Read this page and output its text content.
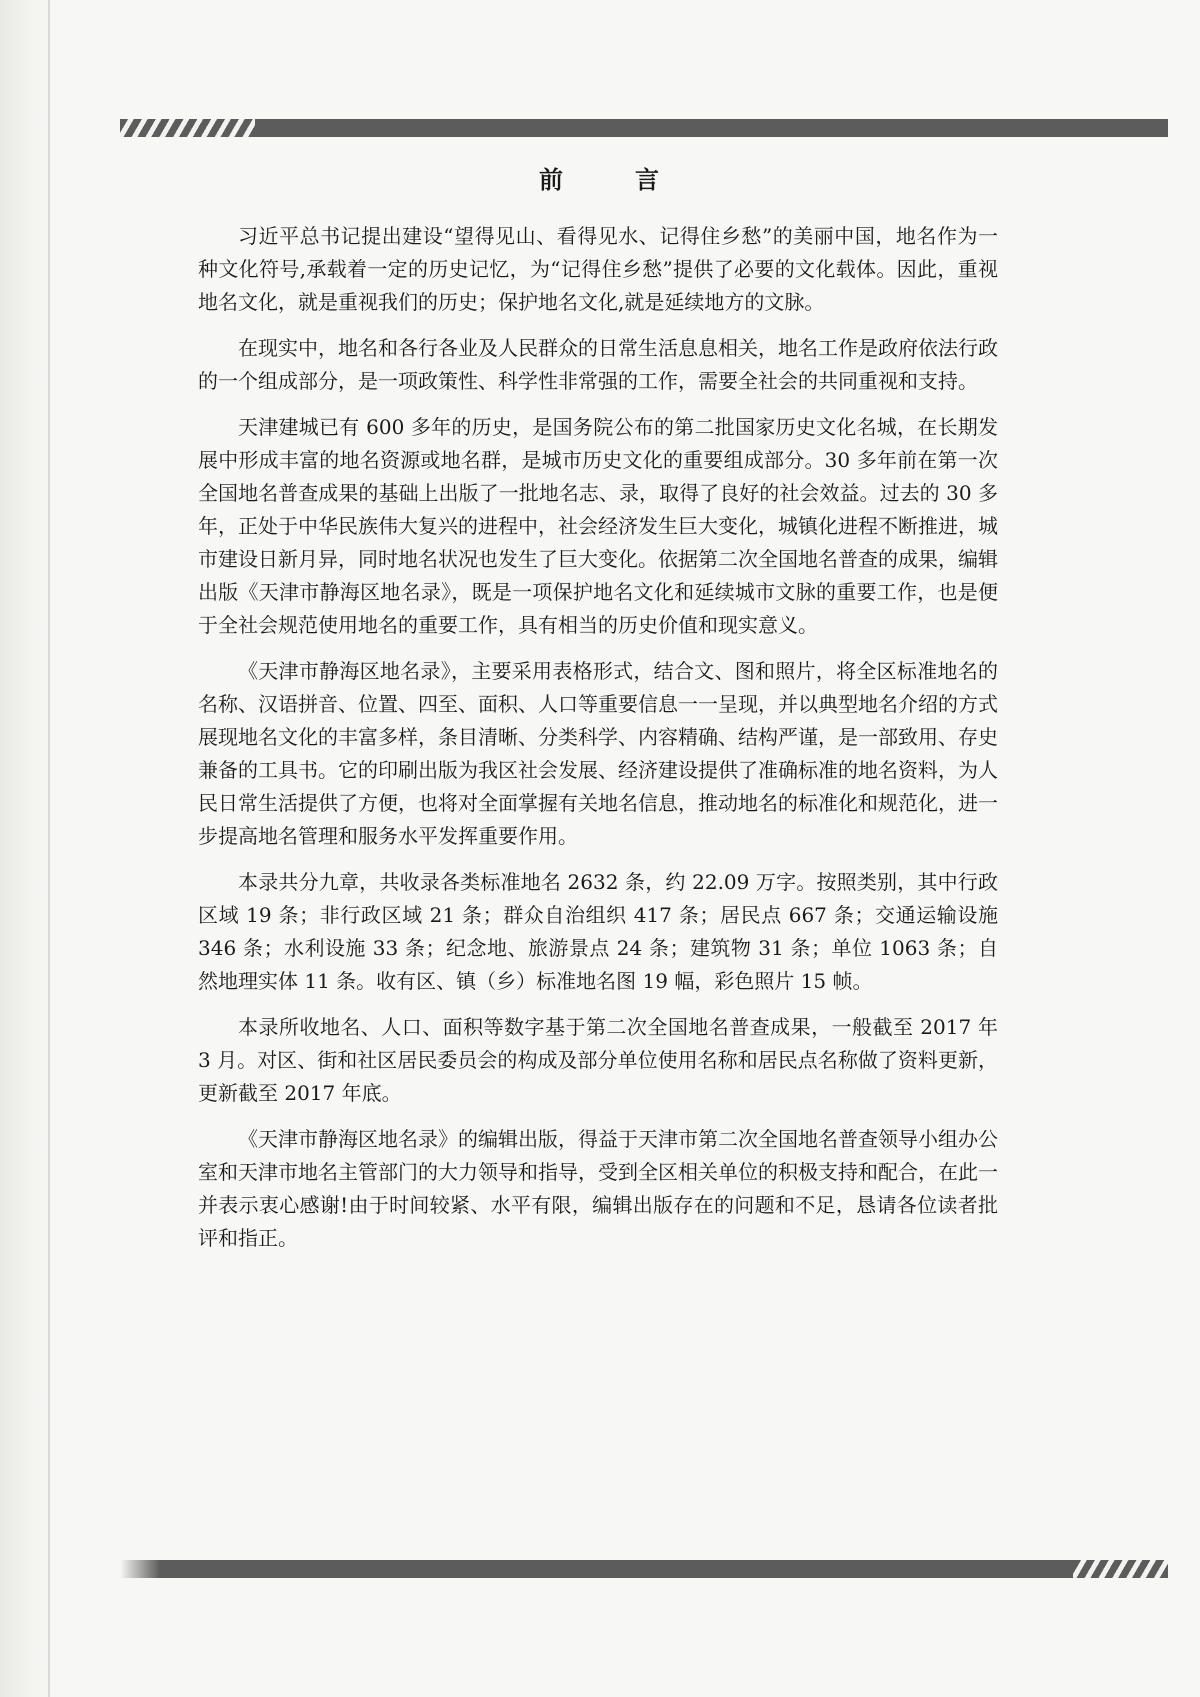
前　言

习近平总书记提出建设“望得见山、看得见水、记得住乡愁”的美丽中国，地名作为一种文化符号,承载着一定的历史记忆，为“记得住乡愁”提供了必要的文化载体。因此，重视地名文化，就是重视我们的历史；保护地名文化,就是延续地方的文脉。

在现实中，地名和各行各业及人民群众的日常生活息息相关，地名工作是政府依法行政的一个组成部分，是一项政策性、科学性非常强的工作，需要全社会的共同重视和支持。

天津建城已有 600 多年的历史，是国务院公布的第二批国家历史文化名城，在长期发展中形成丰富的地名资源或地名群，是城市历史文化的重要组成部分。30 多年前在第一次全国地名普查成果的基础上出版了一批地名志、录，取得了良好的社会效益。过去的 30 多年，正处于中华民族伟大复兴的进程中，社会经济发生巨大变化，城镇化进程不断推进，城市建设日新月异，同时地名状况也发生了巨大变化。依据第二次全国地名普查的成果，编辑出版《天津市静海区地名录》，既是一项保护地名文化和延续城市文脉的重要工作，也是便于全社会规范使用地名的重要工作，具有相当的历史价值和现实意义。

《天津市静海区地名录》，主要采用表格形式，结合文、图和照片，将全区标准地名的名称、汉语拼音、位置、四至、面积、人口等重要信息一一呈现，并以典型地名介绍的方式展现地名文化的丰富多样，条目清晰、分类科学、内容精确、结构严谨，是一部致用、存史兼备的工具书。它的印刷出版为我区社会发展、经济建设提供了准确标准的地名资料，为人民日常生活提供了方便，也将对全面掌握有关地名信息，推动地名的标准化和规范化，进一步提高地名管理和服务水平发挥重要作用。

本录共分九章，共收录各类标准地名 2632 条，约 22.09 万字。按照类别，其中行政区域 19 条；非行政区域 21 条；群众自治组织 417 条；居民点 667 条；交通运输设施 346 条；水利设施 33 条；纪念地、旅游景点 24 条；建筑物 31 条；单位 1063 条；自然地理实体 11 条。收有区、镇（乡）标准地名图 19 幅，彩色照片 15 帧。

本录所收地名、人口、面积等数字基于第二次全国地名普查成果，一般截至 2017 年 3 月。对区、街和社区居民委员会的构成及部分单位使用名称和居民点名称做了资料更新，更新截至 2017 年底。

《天津市静海区地名录》的编辑出版，得益于天津市第二次全国地名普查领导小组办公室和天津市地名主管部门的大力领导和指导，受到全区相关单位的积极支持和配合，在此一并表示衷心感谢!由于时间较紧、水平有限，编辑出版存在的问题和不足，恳请各位读者批评和指正。
